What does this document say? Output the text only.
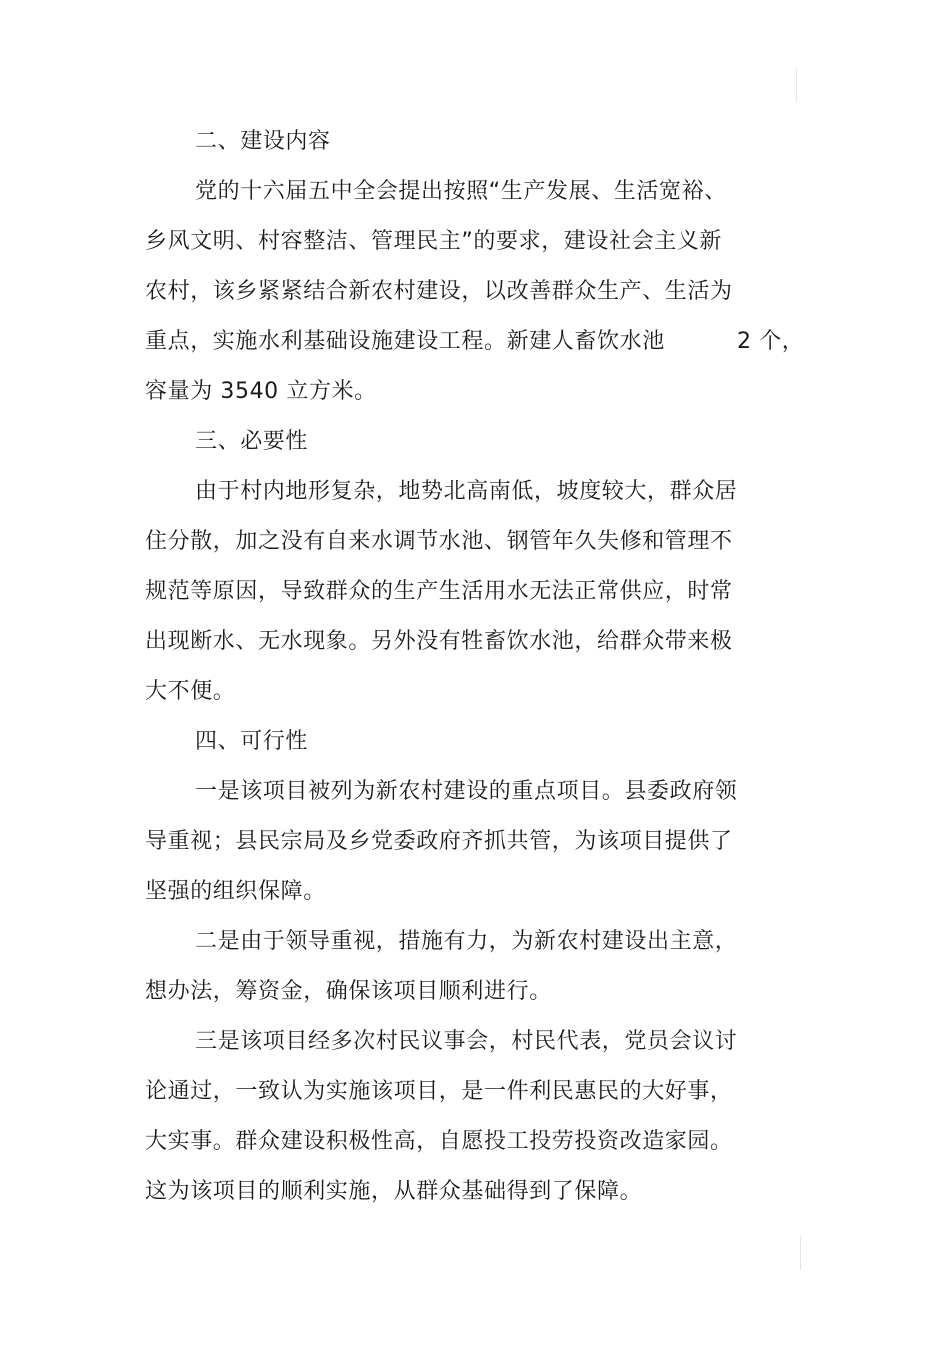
二、建设内容
党的十六届五中全会提出按照“生产发展、生活宽裕、
乡风文明、村容整洁、管理民主”的要求，建设社会主义新
农村，该乡紧紧结合新农村建设，以改善群众生产、生活为
重点，实施水利基础设施建设工程。新建人畜饮水池	2 个，
容量为 3540 立方米。
三、必要性
由于村内地形复杂，地势北高南低，坡度较大，群众居
住分散，加之没有自来水调节水池、钢管年久失修和管理不
规范等原因，导致群众的生产生活用水无法正常供应，时常
出现断水、无水现象。另外没有牲畜饮水池，给群众带来极
大不便。
四、可行性
一是该项目被列为新农村建设的重点项目。县委政府领
导重视；县民宗局及乡党委政府齐抓共管，为该项目提供了
坚强的组织保障。
二是由于领导重视，措施有力，为新农村建设出主意，
想办法，筹资金，确保该项目顺利进行。
三是该项目经多次村民议事会，村民代表，党员会议讨
论通过，一致认为实施该项目，是一件利民惠民的大好事，
大实事。群众建设积极性高，自愿投工投劳投资改造家园。
这为该项目的顺利实施，从群众基础得到了保障。
